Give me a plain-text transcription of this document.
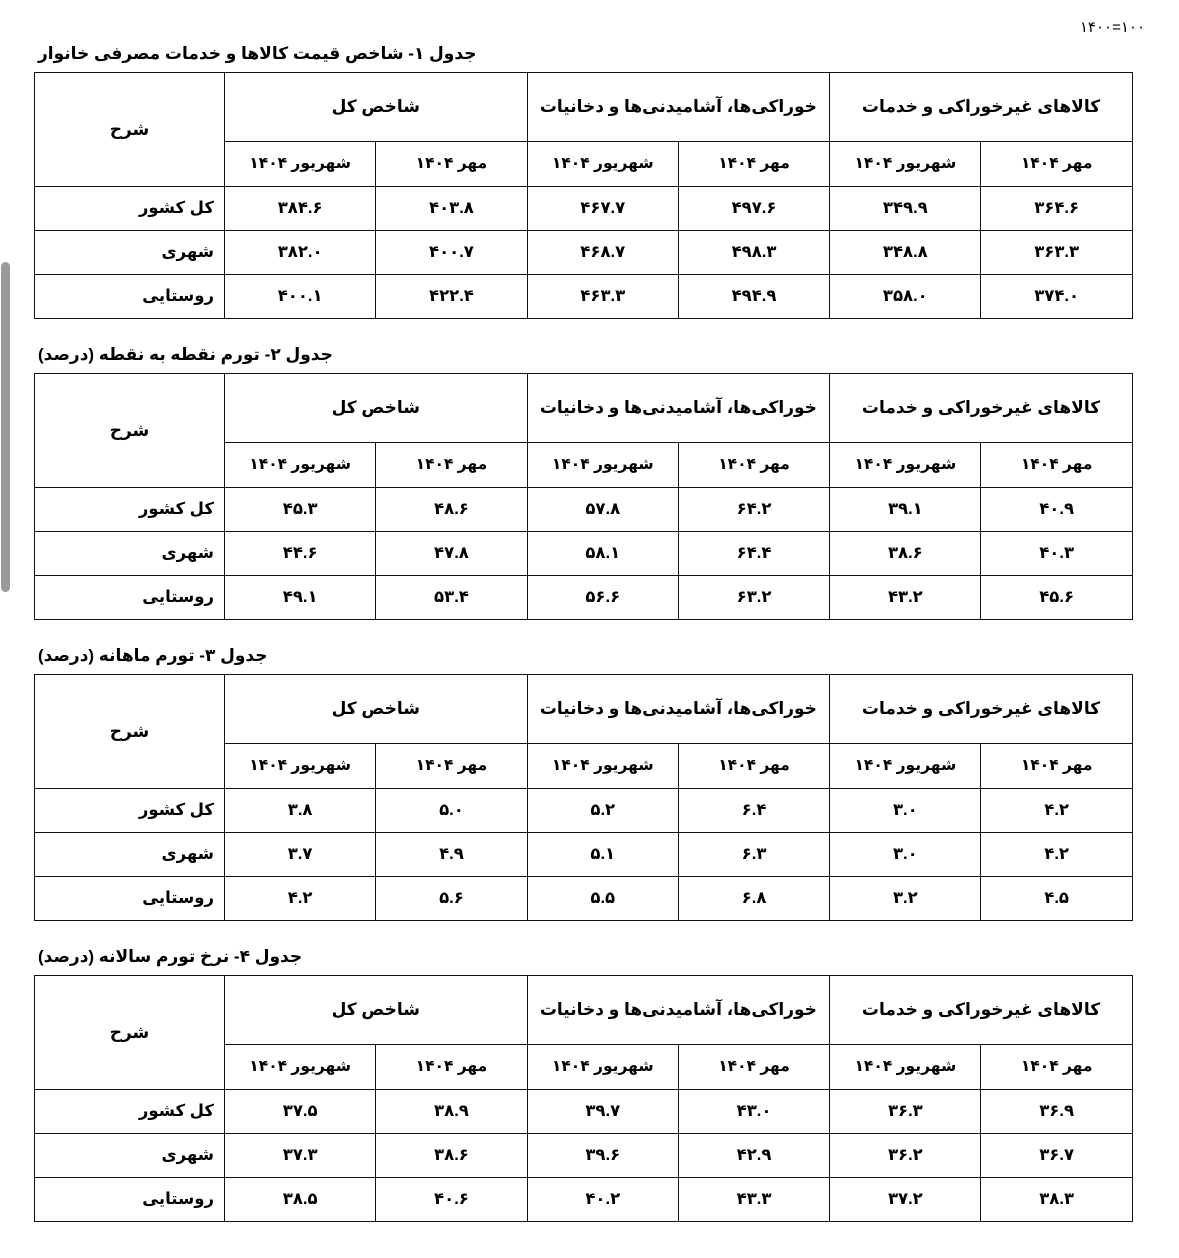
۱۴۰۰=۱۰۰
جدول ۱- شاخص قیمت کالاها و خدمات مصرفی خانوار
کالاهای غیرخوراکی و خدمات		خوراکی‌ها، آشامیدنی‌ها و دخانیات		شاخص کل		شرح
مهر ۱۴۰۴	شهریور ۱۴۰۴	مهر ۱۴۰۴	شهریور ۱۴۰۴	مهر ۱۴۰۴	شهریور ۱۴۰۴	
۳۶۴.۶	۳۴۹.۹	۴۹۷.۶	۴۶۷.۷	۴۰۳.۸	۳۸۴.۶	کل کشور
۳۶۳.۳	۳۴۸.۸	۴۹۸.۳	۴۶۸.۷	۴۰۰.۷	۳۸۲.۰	شهری
۳۷۴.۰	۳۵۸.۰	۴۹۴.۹	۴۶۳.۳	۴۲۲.۴	۴۰۰.۱	روستایی
جدول ۲- تورم نقطه به نقطه (درصد)
کالاهای غیرخوراکی و خدمات		خوراکی‌ها، آشامیدنی‌ها و دخانیات		شاخص کل		شرح
مهر ۱۴۰۴	شهریور ۱۴۰۴	مهر ۱۴۰۴	شهریور ۱۴۰۴	مهر ۱۴۰۴	شهریور ۱۴۰۴	
۴۰.۹	۳۹.۱	۶۴.۲	۵۷.۸	۴۸.۶	۴۵.۳	کل کشور
۴۰.۳	۳۸.۶	۶۴.۴	۵۸.۱	۴۷.۸	۴۴.۶	شهری
۴۵.۶	۴۳.۲	۶۳.۲	۵۶.۶	۵۳.۴	۴۹.۱	روستایی
جدول ۳- تورم ماهانه (درصد)
کالاهای غیرخوراکی و خدمات		خوراکی‌ها، آشامیدنی‌ها و دخانیات		شاخص کل		شرح
مهر ۱۴۰۴	شهریور ۱۴۰۴	مهر ۱۴۰۴	شهریور ۱۴۰۴	مهر ۱۴۰۴	شهریور ۱۴۰۴	
۴.۲	۳.۰	۶.۴	۵.۲	۵.۰	۳.۸	کل کشور
۴.۲	۳.۰	۶.۳	۵.۱	۴.۹	۳.۷	شهری
۴.۵	۳.۲	۶.۸	۵.۵	۵.۶	۴.۲	روستایی
جدول ۴- نرخ تورم سالانه (درصد)
کالاهای غیرخوراکی و خدمات		خوراکی‌ها، آشامیدنی‌ها و دخانیات		شاخص کل		شرح
مهر ۱۴۰۴	شهریور ۱۴۰۴	مهر ۱۴۰۴	شهریور ۱۴۰۴	مهر ۱۴۰۴	شهریور ۱۴۰۴	
۳۶.۹	۳۶.۳	۴۳.۰	۳۹.۷	۳۸.۹	۳۷.۵	کل کشور
۳۶.۷	۳۶.۲	۴۲.۹	۳۹.۶	۳۸.۶	۳۷.۳	شهری
۳۸.۳	۳۷.۲	۴۳.۳	۴۰.۲	۴۰.۶	۳۸.۵	روستایی
